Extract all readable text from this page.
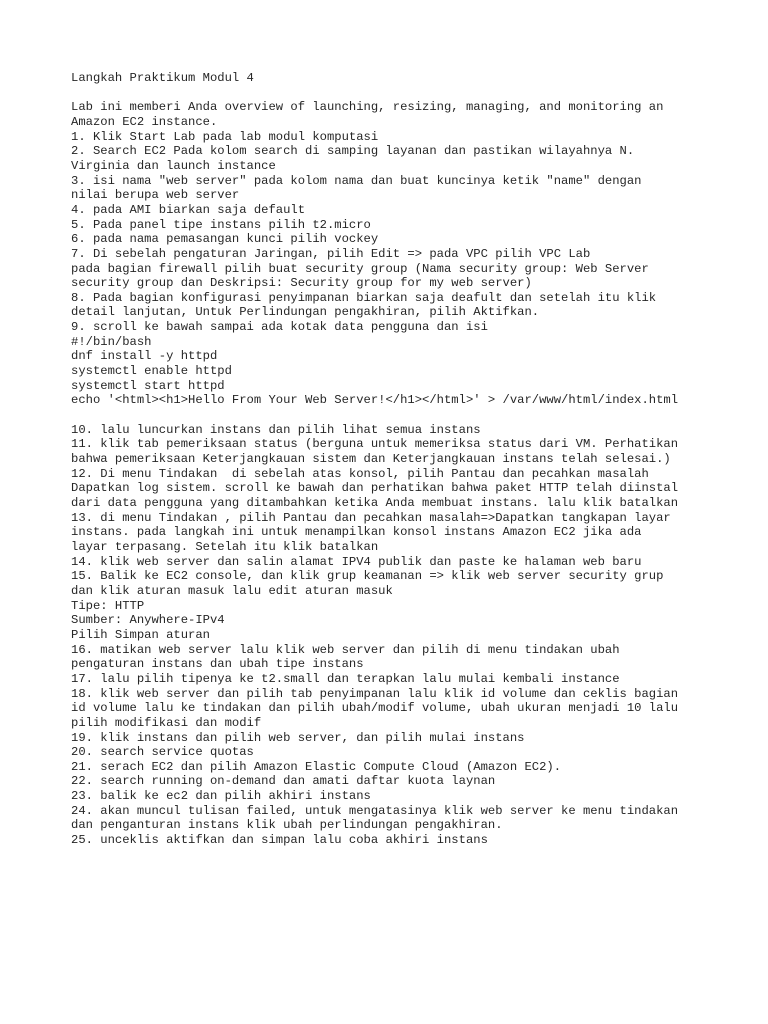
Langkah Praktikum Modul 4
Lab ini memberi Anda overview of launching, resizing, managing, and monitoring an
Amazon EC2 instance.
1. Klik Start Lab pada lab modul komputasi
2. Search EC2 Pada kolom search di samping layanan dan pastikan wilayahnya N.
Virginia dan launch instance
3. isi nama "web server" pada kolom nama dan buat kuncinya ketik "name" dengan
nilai berupa web server
4. pada AMI biarkan saja default
5. Pada panel tipe instans pilih t2.micro
6. pada nama pemasangan kunci pilih vockey
7. Di sebelah pengaturan Jaringan, pilih Edit => pada VPC pilih VPC Lab
pada bagian firewall pilih buat security group (Nama security group: Web Server
security group dan Deskripsi: Security group for my web server)
8. Pada bagian konfigurasi penyimpanan biarkan saja deafult dan setelah itu klik
detail lanjutan, Untuk Perlindungan pengakhiran, pilih Aktifkan.
9. scroll ke bawah sampai ada kotak data pengguna dan isi
#!/bin/bash
dnf install -y httpd
systemctl enable httpd
systemctl start httpd
echo '<html><h1>Hello From Your Web Server!</h1></html>' > /var/www/html/index.html
10. lalu luncurkan instans dan pilih lihat semua instans
11. klik tab pemeriksaan status (berguna untuk memeriksa status dari VM. Perhatikan
bahwa pemeriksaan Keterjangkauan sistem dan Keterjangkauan instans telah selesai.)
12. Di menu Tindakan  di sebelah atas konsol, pilih Pantau dan pecahkan masalah
Dapatkan log sistem. scroll ke bawah dan perhatikan bahwa paket HTTP telah diinstal
dari data pengguna yang ditambahkan ketika Anda membuat instans. lalu klik batalkan
13. di menu Tindakan , pilih Pantau dan pecahkan masalah=>Dapatkan tangkapan layar
instans. pada langkah ini untuk menampilkan konsol instans Amazon EC2 jika ada
layar terpasang. Setelah itu klik batalkan
14. klik web server dan salin alamat IPV4 publik dan paste ke halaman web baru
15. Balik ke EC2 console, dan klik grup keamanan => klik web server security grup
dan klik aturan masuk lalu edit aturan masuk
Tipe: HTTP
Sumber: Anywhere-IPv4
Pilih Simpan aturan
16. matikan web server lalu klik web server dan pilih di menu tindakan ubah
pengaturan instans dan ubah tipe instans
17. lalu pilih tipenya ke t2.small dan terapkan lalu mulai kembali instance
18. klik web server dan pilih tab penyimpanan lalu klik id volume dan ceklis bagian
id volume lalu ke tindakan dan pilih ubah/modif volume, ubah ukuran menjadi 10 lalu
pilih modifikasi dan modif
19. klik instans dan pilih web server, dan pilih mulai instans
20. search service quotas
21. serach EC2 dan pilih Amazon Elastic Compute Cloud (Amazon EC2).
22. search running on-demand dan amati daftar kuota laynan
23. balik ke ec2 dan pilih akhiri instans
24. akan muncul tulisan failed, untuk mengatasinya klik web server ke menu tindakan
dan penganturan instans klik ubah perlindungan pengakhiran.
25. unceklis aktifkan dan simpan lalu coba akhiri instans
